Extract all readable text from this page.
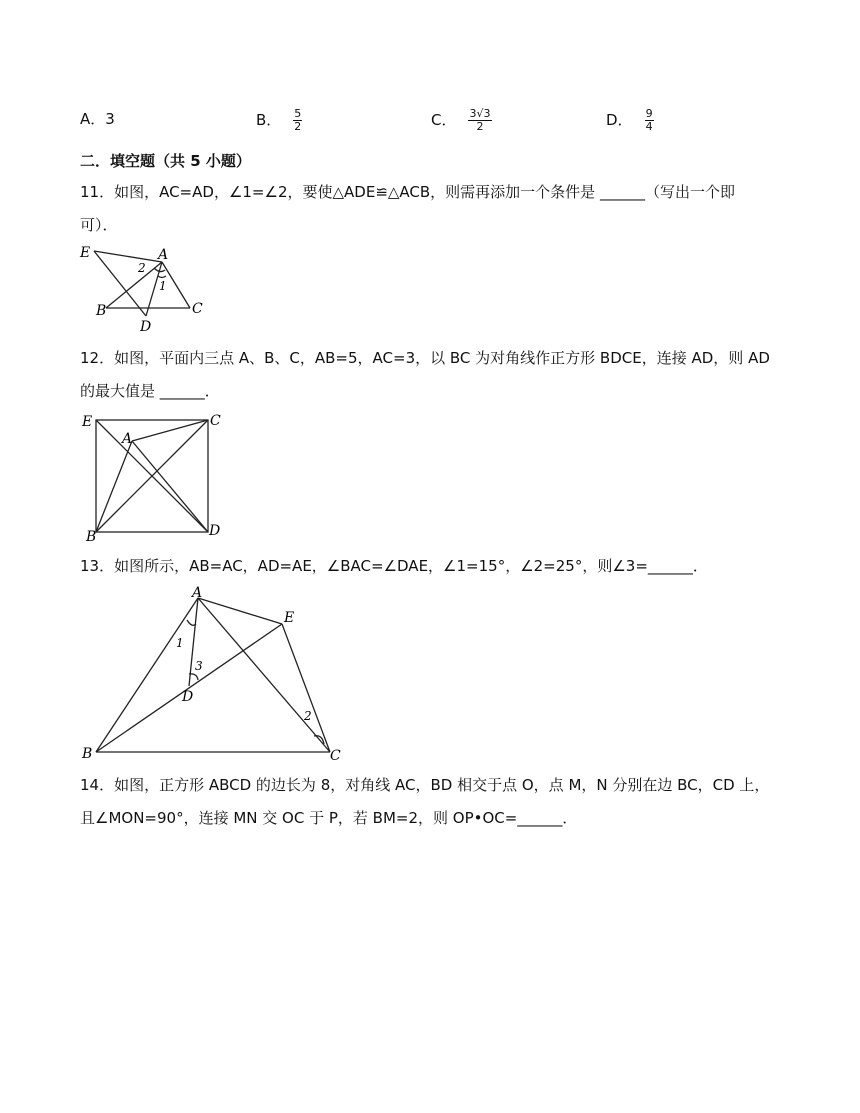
A．3	B． $\frac{5}{2}$	C． $\frac{3√3}{2}$	D． $\frac{9}{4}$
二．填空题（共 5 小题）
11．如图，AC=AD，∠1=∠2，要使△ADE≌△ACB，则需再添加一个条件是 ______（写出一个即
可）．
E	A
2
1
B	C
D
12．如图，平面内三点 A、B、C，AB=5，AC=3，以 BC 为对角线作正方形 BDCE，连接 AD，则 AD
的最大值是 ______．
E	C
A
B	D
13．如图所示，AB=AC，AD=AE，∠BAC=∠DAE，∠1=15°，∠2=25°，则∠3=______．
A
E
1
3
D
2
B	C
14．如图，正方形 ABCD 的边长为 8，对角线 AC，BD 相交于点 O，点 M，N 分别在边 BC，CD 上，
且∠MON=90°，连接 MN 交 OC 于 P，若 BM=2，则 OP•OC=______．
